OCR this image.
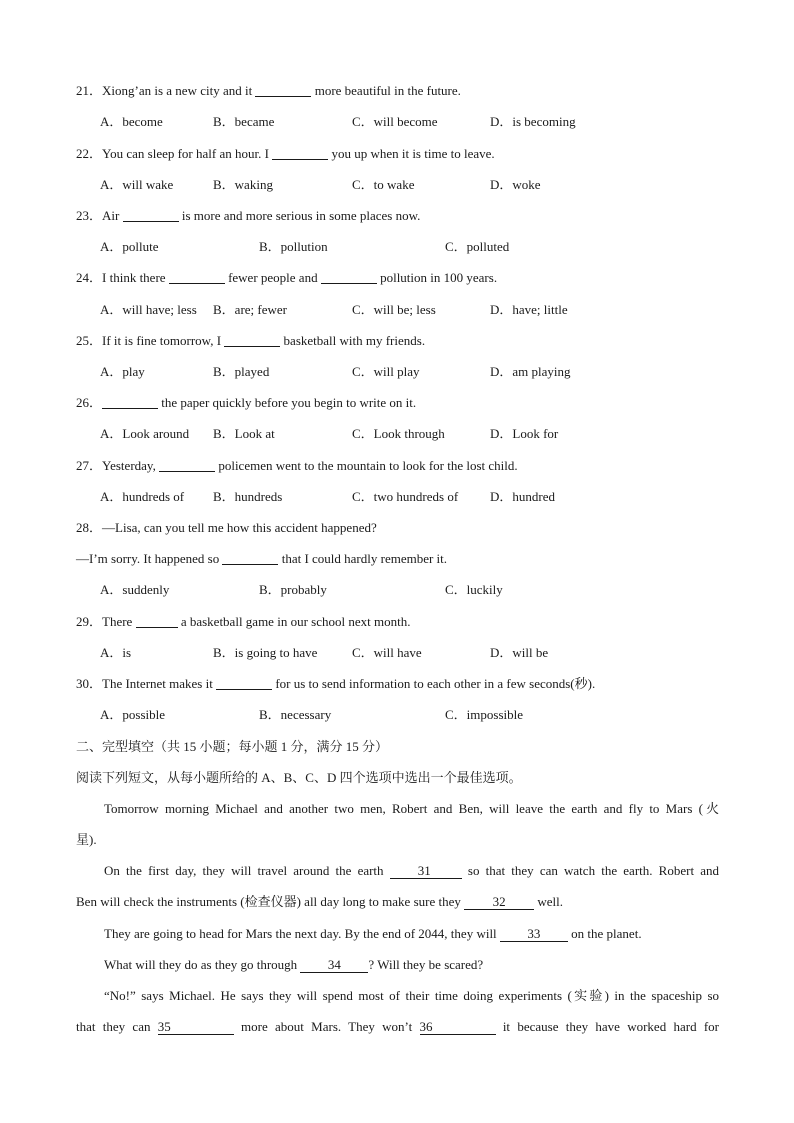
21．Xiong’an is a new city and it	more beautiful in the future.
A．become	B．became	C．will become	D．is becoming
22．You can sleep for half an hour. I	you up when it is time to leave.
A．will wake	B．waking	C．to wake	D．woke
23．Air	is more and more serious in some places now.
A．pollute	B．pollution	C．polluted
24．I think there	fewer people and	pollution in 100 years.
A．will have; less B．are; fewer	C．will be; less	D．have; little
25．If it is fine tomorrow, I	basketball with my friends.
A．play	B．played	C．will play	D．am playing
26．	the paper quickly before you begin to write on it.
A．Look around B．Look at	C．Look through	D．Look for
27．Yesterday,	policemen went to the mountain to look for the lost child.
A．hundreds of B．hundreds	C．two hundreds of D．hundred
28．—Lisa, can you tell me how this accident happened?
—I’m sorry. It happened so	that I could hardly remember it.
A．suddenly	B．probably	C．luckily
29．There	a basketball game in our school next month.
A．is	B．is going to have	C．will have	D．will be
30．The Internet makes it	for us to send information to each other in a few seconds(秒).
A．possible	B．necessary	C．impossible
二、完型填空（共 15 小题；每小题 1 分，满分 15 分）
阅读下列短文，从每小题所给的 A、B、C、D 四个选项中选出一个最佳选项。
Tomorrow morning Michael and another two men, Robert and Ben, will leave the earth and fly to Mars (火
星).
On the first day, they will travel around the earth 31 so that they can watch the earth. Robert and
Ben will check the instruments (检查仪器) all day long to make sure they 32 well.
They are going to head for Mars the next day. By the end of 2044, they will 33 on the planet.
What will they do as they go through 34 ? Will they be scared?
“No!” says Michael. He says they will spend most of their time doing experiments (实验) in the spaceship so
that they can 35	more about Mars. They won’t 36	it because they have worked hard for
